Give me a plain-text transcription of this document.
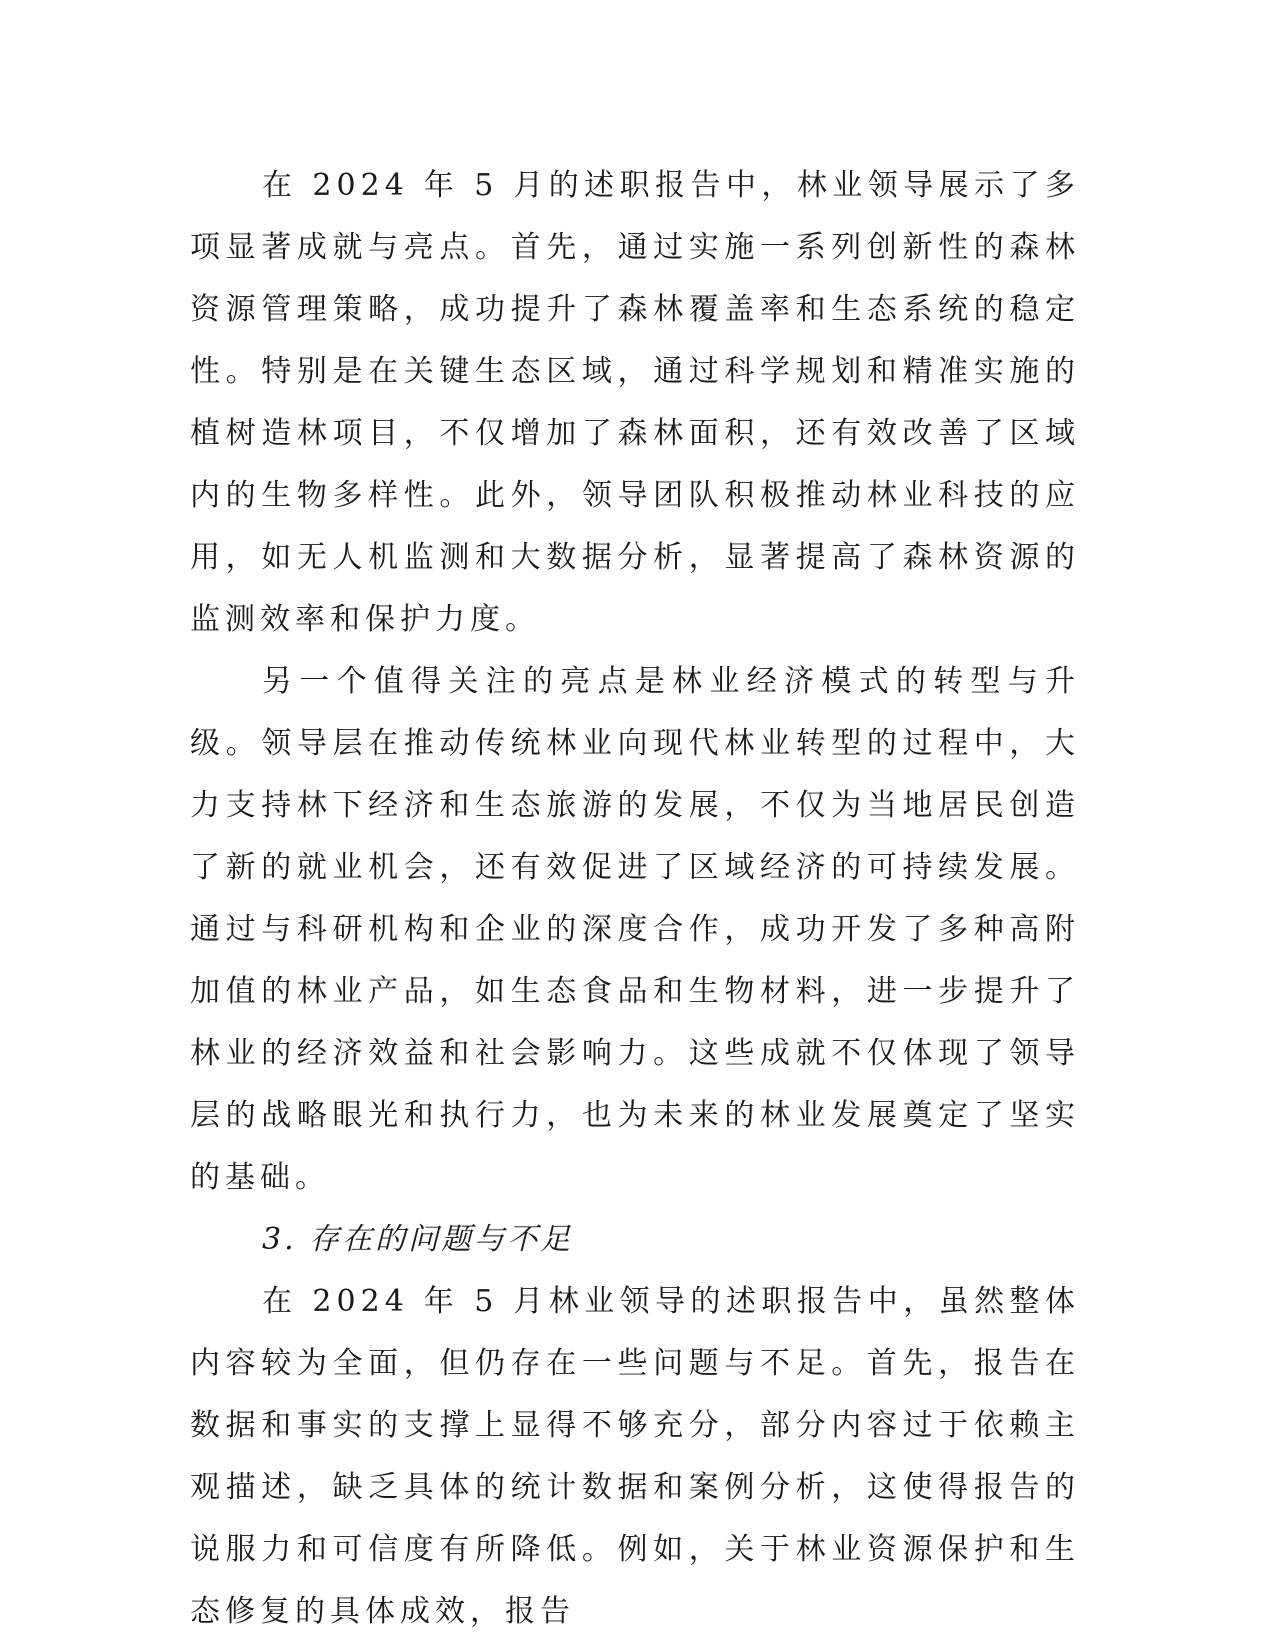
在 2024 年 5 月的述职报告中，林业领导展示了多项显著成就与亮点。首先，通过实施一系列创新性的森林资源管理策略，成功提升了森林覆盖率和生态系统的稳定性。特别是在关键生态区域，通过科学规划和精准实施的植树造林项目，不仅增加了森林面积，还有效改善了区域内的生物多样性。此外，领导团队积极推动林业科技的应用，如无人机监测和大数据分析，显著提高了森林资源的监测效率和保护力度。

另一个值得关注的亮点是林业经济模式的转型与升级。领导层在推动传统林业向现代林业转型的过程中，大力支持林下经济和生态旅游的发展，不仅为当地居民创造了新的就业机会，还有效促进了区域经济的可持续发展。通过与科研机构和企业的深度合作，成功开发了多种高附加值的林业产品，如生态食品和生物材料，进一步提升了林业的经济效益和社会影响力。这些成就不仅体现了领导层的战略眼光和执行力，也为未来的林业发展奠定了坚实的基础。

3. 存在的问题与不足

在 2024 年 5 月林业领导的述职报告中，虽然整体内容较为全面，但仍存在一些问题与不足。首先，报告在数据和事实的支撑上显得不够充分，部分内容过于依赖主观描述，缺乏具体的统计数据和案例分析，这使得报告的说服力和可信度有所降低。例如，关于林业资源保护和生态修复的具体成效，报告
